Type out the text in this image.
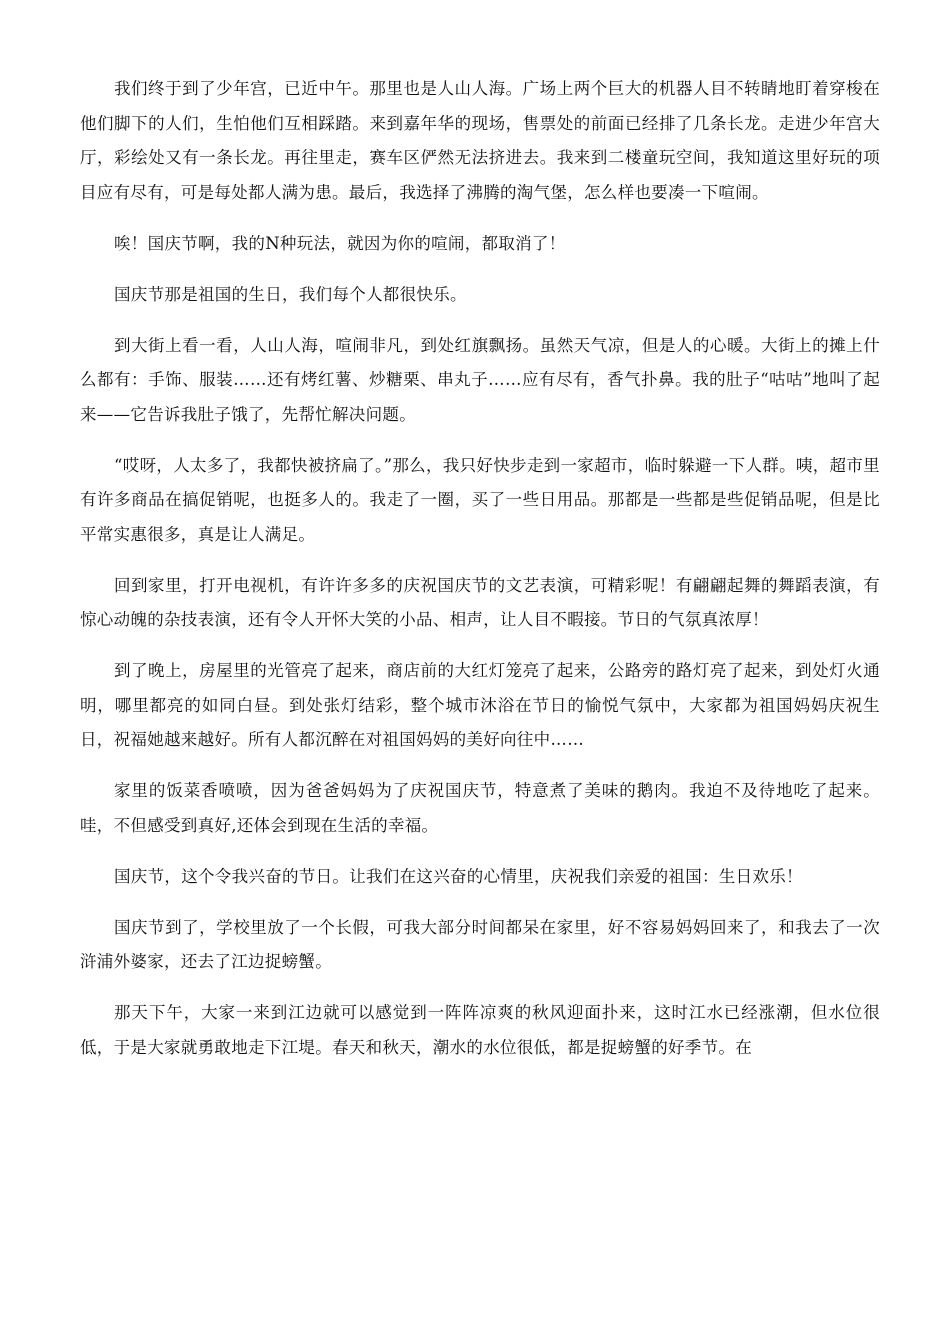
我们终于到了少年宫，已近中午。那里也是人山人海。广场上两个巨大的机器人目不转睛地盯着穿梭在他们脚下的人们，生怕他们互相踩踏。来到嘉年华的现场，售票处的前面已经排了几条长龙。走进少年宫大厅，彩绘处又有一条长龙。再往里走，赛车区俨然无法挤进去。我来到二楼童玩空间，我知道这里好玩的项目应有尽有，可是每处都人满为患。最后，我选择了沸腾的淘气堡，怎么样也要凑一下喧闹。

唉！国庆节啊，我的N种玩法，就因为你的喧闹，都取消了！

国庆节那是祖国的生日，我们每个人都很快乐。

到大街上看一看，人山人海，喧闹非凡，到处红旗飘扬。虽然天气凉，但是人的心暖。大街上的摊上什么都有：手饰、服装……还有烤红薯、炒糖栗、串丸子……应有尽有，香气扑鼻。我的肚子“咕咕”地叫了起来——它告诉我肚子饿了，先帮忙解决问题。

“哎呀，人太多了，我都快被挤扁了。”那么，我只好快步走到一家超市，临时躲避一下人群。咦，超市里有许多商品在搞促销呢，也挺多人的。我走了一圈，买了一些日用品。那都是一些都是些促销品呢，但是比平常实惠很多，真是让人满足。

回到家里，打开电视机，有许许多多的庆祝国庆节的文艺表演，可精彩呢！有翩翩起舞的舞蹈表演，有惊心动魄的杂技表演，还有令人开怀大笑的小品、相声，让人目不暇接。节日的气氛真浓厚！

到了晚上，房屋里的光管亮了起来，商店前的大红灯笼亮了起来，公路旁的路灯亮了起来，到处灯火通明，哪里都亮的如同白昼。到处张灯结彩，整个城市沐浴在节日的愉悦气氛中，大家都为祖国妈妈庆祝生日，祝福她越来越好。所有人都沉醉在对祖国妈妈的美好向往中……

家里的饭菜香喷喷，因为爸爸妈妈为了庆祝国庆节，特意煮了美味的鹅肉。我迫不及待地吃了起来。哇，不但感受到真好,还体会到现在生活的幸福。

国庆节，这个令我兴奋的节日。让我们在这兴奋的心情里，庆祝我们亲爱的祖国：生日欢乐！

国庆节到了，学校里放了一个长假，可我大部分时间都呆在家里，好不容易妈妈回来了，和我去了一次浒浦外婆家，还去了江边捉螃蟹。

那天下午，大家一来到江边就可以感觉到一阵阵凉爽的秋风迎面扑来，这时江水已经涨潮，但水位很低，于是大家就勇敢地走下江堤。春天和秋天，潮水的水位很低，都是捉螃蟹的好季节。在
